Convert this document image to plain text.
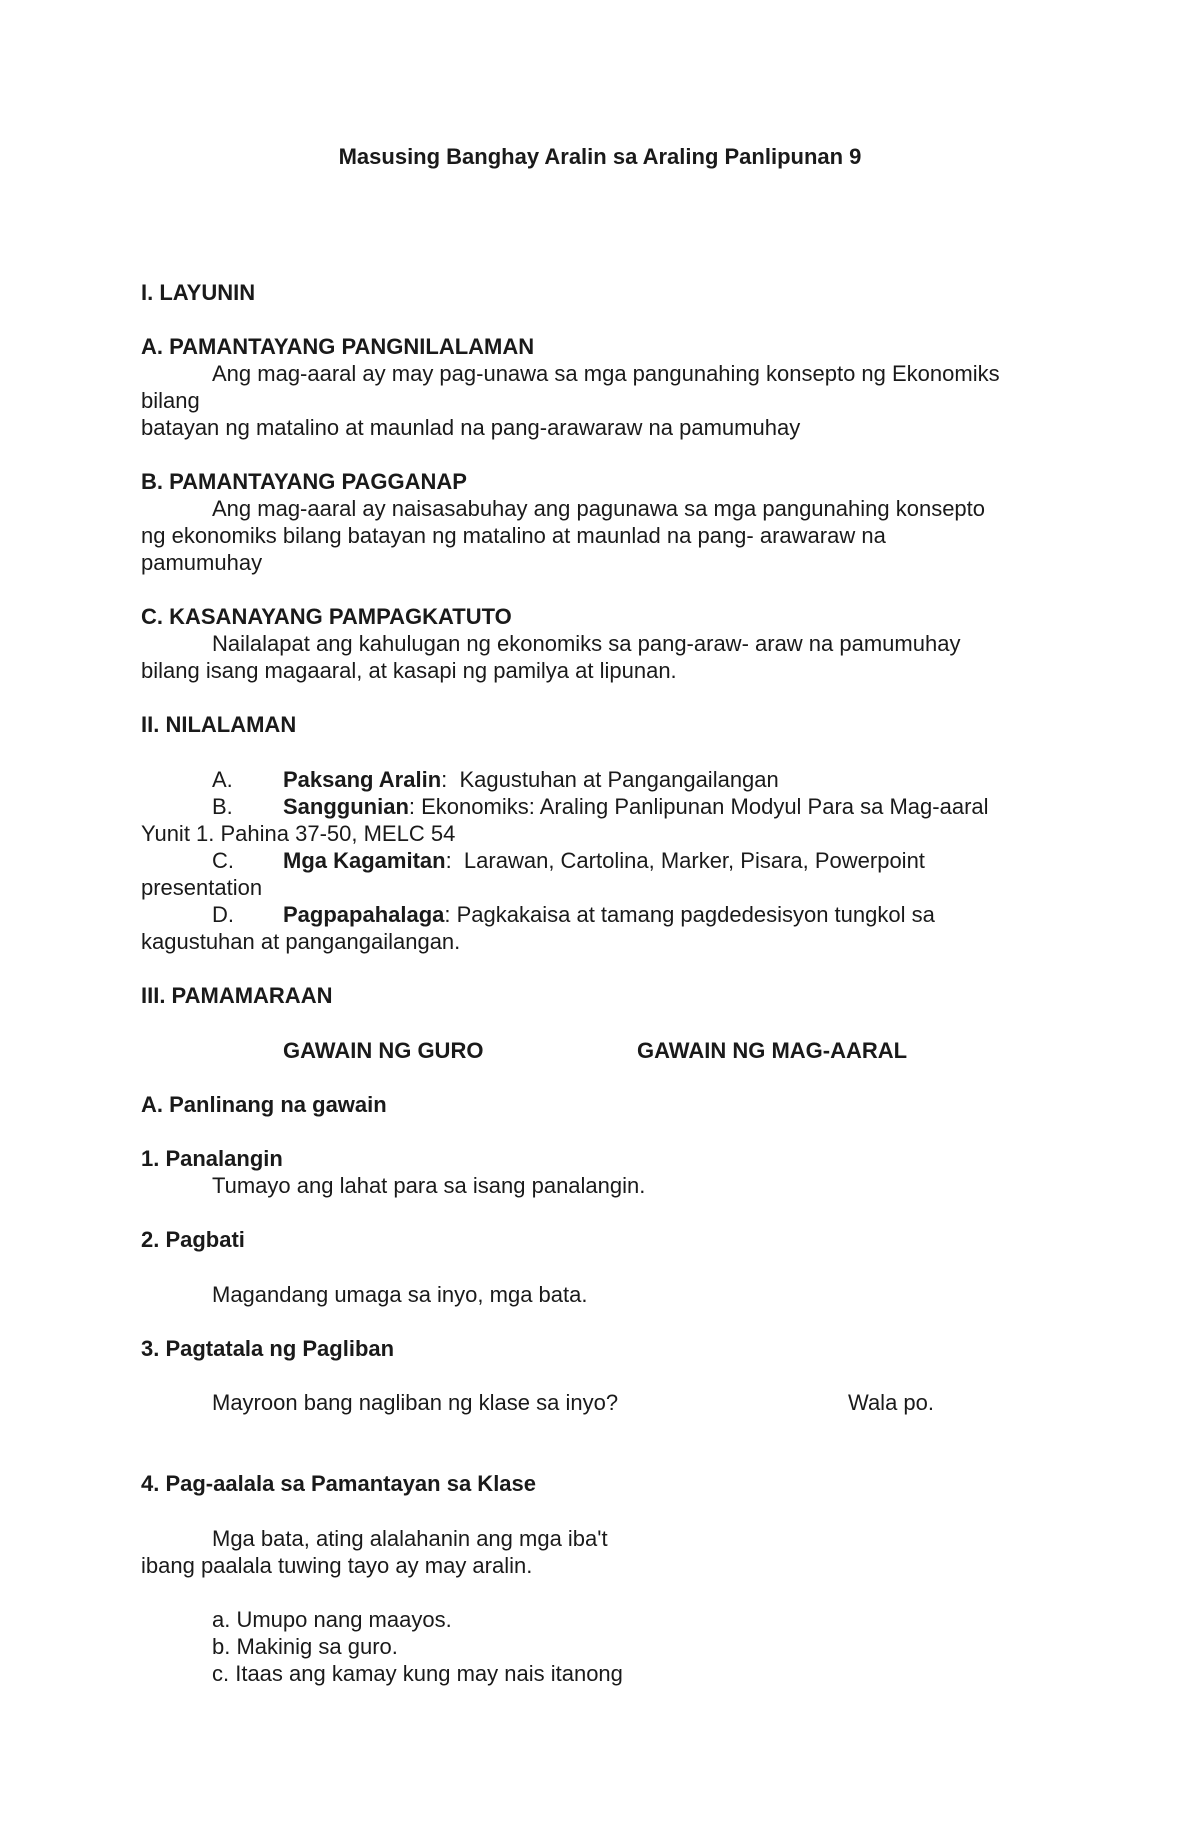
Masusing Banghay Aralin sa Araling Panlipunan 9
I. LAYUNIN
A. PAMANTAYANG PANGNILALAMAN
Ang mag-aaral ay may pag-unawa sa mga pangunahing konsepto ng Ekonomiks
bilang
batayan ng matalino at maunlad na pang-arawaraw na pamumuhay
B. PAMANTAYANG PAGGANAP
Ang mag-aaral ay naisasabuhay ang pagunawa sa mga pangunahing konsepto
ng ekonomiks bilang batayan ng matalino at maunlad na pang- arawaraw na
pamumuhay
C. KASANAYANG PAMPAGKATUTO
Nailalapat ang kahulugan ng ekonomiks sa pang-araw- araw na pamumuhay
bilang isang magaaral, at kasapi ng pamilya at lipunan.
II. NILALAMAN
A. Paksang Aralin:  Kagustuhan at Pangangailangan
B. Sanggunian: Ekonomiks: Araling Panlipunan Modyul Para sa Mag-aaral
Yunit 1. Pahina 37-50, MELC 54
C. Mga Kagamitan:  Larawan, Cartolina, Marker, Pisara, Powerpoint
presentation
D. Pagpapahalaga: Pagkakaisa at tamang pagdedesisyon tungkol sa
kagustuhan at pangangailangan.
III. PAMAMARAAN
GAWAIN NG GURO	GAWAIN NG MAG-AARAL
A. Panlinang na gawain
1. Panalangin
Tumayo ang lahat para sa isang panalangin.
2. Pagbati
Magandang umaga sa inyo, mga bata.
3. Pagtatala ng Pagliban
Mayroon bang nagliban ng klase sa inyo?	Wala po.
4. Pag-aalala sa Pamantayan sa Klase
Mga bata, ating alalahanin ang mga iba't
ibang paalala tuwing tayo ay may aralin.
a. Umupo nang maayos.
b. Makinig sa guro.
c. Itaas ang kamay kung may nais itanong
